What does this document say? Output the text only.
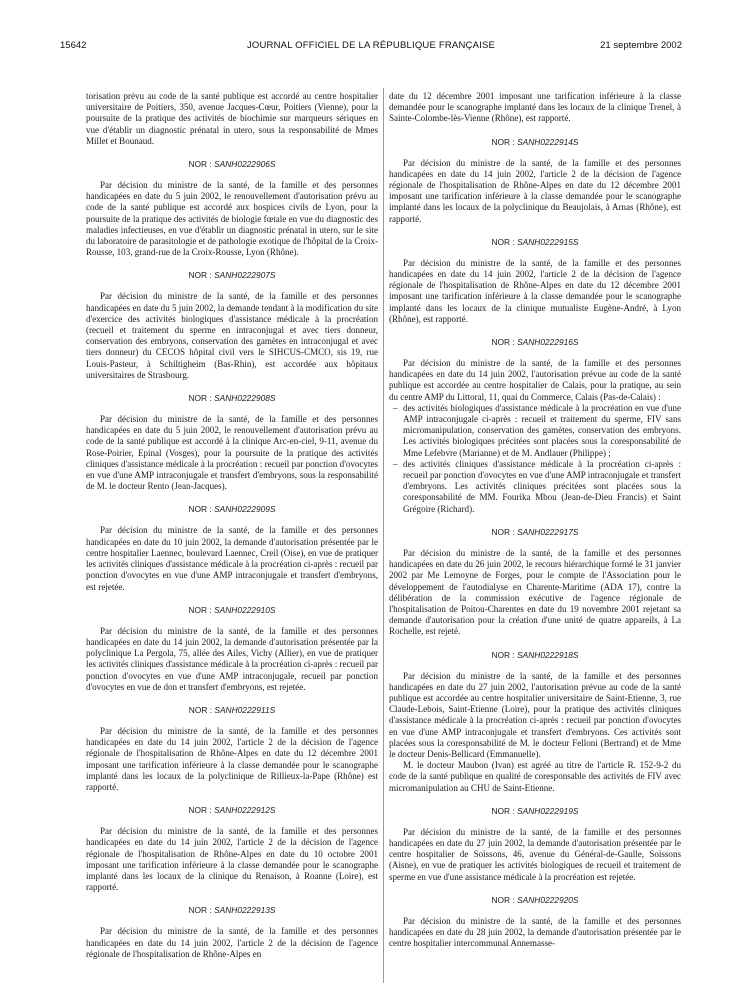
15642	JOURNAL OFFICIEL DE LA RÉPUBLIQUE FRANÇAISE	21 septembre 2002

torisation prévu au code de la santé publique est accordé au centre hospitalier universitaire de Poitiers, 350, avenue Jacques-Cœur, Poitiers (Vienne), pour la poursuite de la pratique des activités de biochimie sur marqueurs sériques en vue d'établir un diagnostic prénatal in utero, sous la responsabilité de Mmes Millet et Bounaud.

NOR : SANH0222906S

Par décision du ministre de la santé, de la famille et des personnes handicapées en date du 5 juin 2002, le renouvellement d'autorisation prévu au code de la santé publique est accordé aux hospices civils de Lyon, pour la poursuite de la pratique des activités de biologie fœtale en vue du diagnostic des maladies infectieuses, en vue d'établir un diagnostic prénatal in utero, sur le site du laboratoire de parasitologie et de pathologie exotique de l'hôpital de la Croix-Rousse, 103, grand-rue de la Croix-Rousse, Lyon (Rhône).

NOR : SANH0222907S

Par décision du ministre de la santé, de la famille et des personnes handicapées en date du 5 juin 2002, la demande tendant à la modification du site d'exercice des activités biologiques d'assistance médicale à la procréation (recueil et traitement du sperme en intraconjugal et avec tiers donneur, conservation des embryons, conservation des gamètes en intraconjugal et avec tiers donneur) du CECOS hôpital civil vers le SIHCUS-CMCO, sis 19, rue Louis-Pasteur, à Schiltigheim (Bas-Rhin), est accordée aux hôpitaux universitaires de Strasbourg.

NOR : SANH0222908S

Par décision du ministre de la santé, de la famille et des personnes handicapées en date du 5 juin 2002, le renouvellement d'autorisation prévu au code de la santé publique est accordé à la clinique Arc-en-ciel, 9-11, avenue du Rose-Poirier, Epinal (Vosges), pour la poursuite de la pratique des activités cliniques d'assistance médicale à la procréation : recueil par ponction d'ovocytes en vue d'une AMP intraconjugale et transfert d'embryons, sous la responsabilité de M. le docteur Rento (Jean-Jacques).

NOR : SANH0222909S

Par décision du ministre de la santé, de la famille et des personnes handicapées en date du 10 juin 2002, la demande d'autorisation présentée par le centre hospitalier Laennec, boulevard Laennec, Creil (Oise), en vue de pratiquer les activités cliniques d'assistance médicale à la procréation ci-après : recueil par ponction d'ovocytes en vue d'une AMP intraconjugale et transfert d'embryons, est rejetée.

NOR : SANH0222910S

Par décision du ministre de la santé, de la famille et des personnes handicapées en date du 14 juin 2002, la demande d'autorisation présentée par la polyclinique La Pergola, 75, allée des Ailes, Vichy (Allier), en vue de pratiquer les activités cliniques d'assistance médicale à la procréation ci-après : recueil par ponction d'ovocytes en vue d'une AMP intraconjugale, recueil par ponction d'ovocytes en vue de don et transfert d'embryons, est rejetée.

NOR : SANH0222911S

Par décision du ministre de la santé, de la famille et des personnes handicapées en date du 14 juin 2002, l'article 2 de la décision de l'agence régionale de l'hospitalisation de Rhône-Alpes en date du 12 décembre 2001 imposant une tarification inférieure à la classe demandée pour le scanographe implanté dans les locaux de la polyclinique de Rillieux-la-Pape (Rhône) est rapporté.

NOR : SANH0222912S

Par décision du ministre de la santé, de la famille et des personnes handicapées en date du 14 juin 2002, l'article 2 de la décision de l'agence régionale de l'hospitalisation de Rhône-Alpes en date du 10 octobre 2001 imposant une tarification inférieure à la classe demandée pour le scanographe implanté dans les locaux de la clinique du Renaison, à Roanne (Loire), est rapporté.

NOR : SANH0222913S

Par décision du ministre de la santé, de la famille et des personnes handicapées en date du 14 juin 2002, l'article 2 de la décision de l'agence régionale de l'hospitalisation de Rhône-Alpes en

date du 12 décembre 2001 imposant une tarification inférieure à la classe demandée pour le scanographe implanté dans les locaux de la clinique Trenel, à Sainte-Colombe-lès-Vienne (Rhône), est rapporté.

NOR : SANH0222914S

Par décision du ministre de la santé, de la famille et des personnes handicapées en date du 14 juin 2002, l'article 2 de la décision de l'agence régionale de l'hospitalisation de Rhône-Alpes en date du 12 décembre 2001 imposant une tarification inférieure à la classe demandée pour le scanographe implanté dans les locaux de la polyclinique du Beaujolais, à Arnas (Rhône), est rapporté.

NOR : SANH0222915S

Par décision du ministre de la santé, de la famille et des personnes handicapées en date du 14 juin 2002, l'article 2 de la décision de l'agence régionale de l'hospitalisation de Rhône-Alpes en date du 12 décembre 2001 imposant une tarification inférieure à la classe demandée pour le scanographe implanté dans les locaux de la clinique mutualiste Eugène-André, à Lyon (Rhône), est rapporté.

NOR : SANH0222916S

Par décision du ministre de la santé, de la famille et des personnes handicapées en date du 14 juin 2002, l'autorisation prévue au code de la santé publique est accordée au centre hospitalier de Calais, pour la pratique, au sein du centre AMP du Littoral, 11, quai du Commerce, Calais (Pas-de-Calais) :

– des activités biologiques d'assistance médicale à la procréation en vue d'une AMP intraconjugale ci-après : recueil et traitement du sperme, FIV sans micromanipulation, conservation des gamètes, conservation des embryons. Les activités biologiques précitées sont placées sous la coresponsabilité de Mme Lefebvre (Marianne) et de M. Andlauer (Philippe) ;
– des activités cliniques d'assistance médicale à la procréation ci-après : recueil par ponction d'ovocytes en vue d'une AMP intraconjugale et transfert d'embryons. Les activités cliniques précitées sont placées sous la coresponsabilité de MM. Fourika Mbou (Jean-de-Dieu Francis) et Saint Grégoire (Richard).
NOR : SANH0222917S

Par décision du ministre de la santé, de la famille et des personnes handicapées en date du 26 juin 2002, le recours hiérarchique formé le 31 janvier 2002 par Me Lemoyne de Forges, pour le compte de l'Association pour le développement de l'autodialyse en Charente-Maritime (ADA 17), contre la délibération de la commission exécutive de l'agence régionale de l'hospitalisation de Poitou-Charentes en date du 19 novembre 2001 rejetant sa demande d'autorisation pour la création d'une unité de quatre appareils, à La Rochelle, est rejeté.

NOR : SANH0222918S

Par décision du ministre de la santé, de la famille et des personnes handicapées en date du 27 juin 2002, l'autorisation prévue au code de la santé publique est accordée au centre hospitalier universitaire de Saint-Etienne, 3, rue Claude-Lebois, Saint-Etienne (Loire), pour la pratique des activités cliniques d'assistance médicale à la procréation ci-après : recueil par ponction d'ovocytes en vue d'une AMP intraconjugale et transfert d'embryons. Ces activités sont placées sous la coresponsabilité de M. le docteur Felloni (Bertrand) et de Mme le docteur Denis-Bellicard (Emmanuelle).

M. le docteur Maubon (Ivan) est agréé au titre de l'article R. 152-9-2 du code de la santé publique en qualité de coresponsable des activités de FIV avec micromanipulation au CHU de Saint-Etienne.

NOR : SANH0222919S

Par décision du ministre de la santé, de la famille et des personnes handicapées en date du 27 juin 2002, la demande d'autorisation présentée par le centre hospitalier de Soissons, 46, avenue du Général-de-Gaulle, Soissons (Aisne), en vue de pratiquer les activités biologiques de recueil et traitement de sperme en vue d'une assistance médicale à la procréation est rejetée.

NOR : SANH0222920S

Par décision du ministre de la santé, de la famille et des personnes handicapées en date du 28 juin 2002, la demande d'autorisation présentée par le centre hospitalier intercommunal Annemasse-
